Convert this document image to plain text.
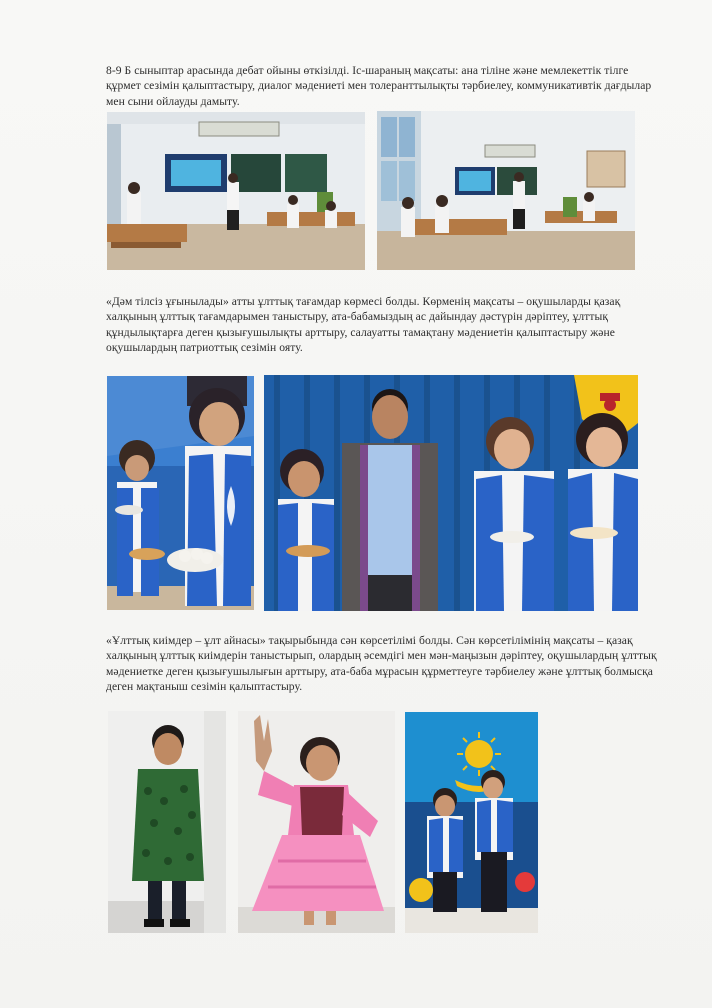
8-9 Б сыныптар арасында дебат ойыны өткізілді. Іс-шараның мақсаты: ана тіліне және мемлекеттік тілге құрмет сезімін қалыптастыру, диалог мәдениеті мен толеранттылықты тәрбиелеу, коммуникативтік дағдылар мен сыни ойлауды дамыту.

«Дәм тілсіз ұғынылады» атты ұлттық тағамдар көрмесі болды. Көрменің мақсаты – оқушыларды қазақ халқының ұлттық тағамдарымен таныстыру, ата-бабамыздың ас дайындау дәстүрін дәріптеу, ұлттық құндылықтарға деген қызығушылықты арттыру, салауатты тамақтану мәдениетін қалыптастыру және оқушылардың патриоттық сезімін ояту.

«Ұлттық киімдер – ұлт айнасы» тақырыбында сән көрсетілімі болды. Сән көрсетілімінің мақсаты – қазақ халқының ұлттық киімдерін таныстырып, олардың әсемдігі мен мән-маңызын дәріптеу, оқушылардың ұлттық мәдениетке деген қызығушылығын арттыру, ата-баба мұрасын құрметтеуге тәрбиелеу және ұлттық болмысқа деген мақтаныш сезімін қалыптастыру.
